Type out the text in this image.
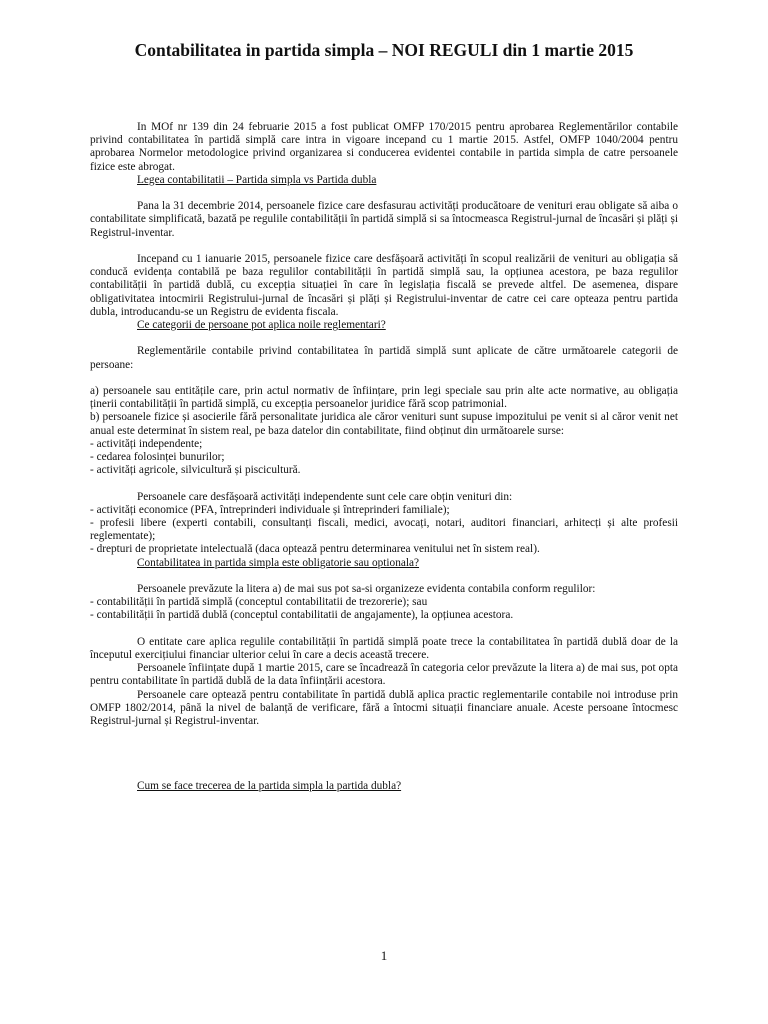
Contabilitatea in partida simpla – NOI REGULI din 1 martie 2015

In MOf nr 139 din 24 februarie 2015 a fost publicat OMFP 170/2015 pentru aprobarea Reglementărilor contabile privind contabilitatea în partidă simplă care intra in vigoare incepand cu 1 martie 2015. Astfel, OMFP 1040/2004 pentru aprobarea Normelor metodologice privind organizarea si conducerea evidentei contabile in partida simpla de catre persoanele fizice este abrogat.

Legea contabilitatii – Partida simpla vs Partida dubla

Pana la 31 decembrie 2014, persoanele fizice care desfasurau activități producătoare de venituri erau obligate să aiba o contabilitate simplificată, bazată pe regulile contabilității în partidă simplă si sa întocmeasca Registrul-jurnal de încasări și plăți și Registrul-inventar.

Incepand cu 1 ianuarie 2015, persoanele fizice care desfășoară activități în scopul realizării de venituri au obligația să conducă evidența contabilă pe baza regulilor contabilității în partidă simplă sau, la opțiunea acestora, pe baza regulilor contabilității în partidă dublă, cu excepția situației în care în legislația fiscală se prevede altfel. De asemenea, dispare obligativitatea intocmirii Registrului-jurnal de încasări și plăți și Registrului-inventar de catre cei care opteaza pentru partida dubla, introducandu-se un Registru de evidenta fiscala.

Ce categorii de persoane pot aplica noile reglementari?

Reglementările contabile privind contabilitatea în partidă simplă sunt aplicate de către următoarele categorii de persoane:

a) persoanele sau entitățile care, prin actul normativ de înființare, prin legi speciale sau prin alte acte normative, au obligația ținerii contabilității în partidă simplă, cu excepția persoanelor juridice fără scop patrimonial.

b) persoanele fizice și asocierile fără personalitate juridica ale căror venituri sunt supuse impozitului pe venit si al căror venit net anual este determinat în sistem real, pe baza datelor din contabilitate, fiind obținut din următoarele surse:

- activități independente;

- cedarea folosinței bunurilor;

- activități agricole, silvicultură și piscicultură.

Persoanele care desfășoară activități independente sunt cele care obțin venituri din:

- activități economice (PFA, întreprinderi individuale și întreprinderi familiale);

- profesii libere (experti contabili, consultanți fiscali, medici, avocați, notari, auditori financiari, arhitecți și alte profesii reglementate);

- drepturi de proprietate intelectuală (daca optează pentru determinarea venitului net în sistem real).

Contabilitatea in partida simpla este obligatorie sau optionala?

Persoanele prevăzute la litera a) de mai sus pot sa-si organizeze evidenta contabila conform regulilor:

- contabilității în partidă simplă (conceptul contabilitatii de trezorerie); sau

- contabilității în partidă dublă (conceptul contabilitatii de angajamente), la opțiunea acestora.

O entitate care aplica regulile contabilității în partidă simplă poate trece la contabilitatea în partidă dublă doar de la începutul exercițiului financiar ulterior celui în care a decis această trecere.

Persoanele înființate după 1 martie 2015, care se încadrează în categoria celor prevăzute la litera a) de mai sus, pot opta pentru contabilitate în partidă dublă de la data înființării acestora.

Persoanele care optează pentru contabilitate în partidă dublă aplica practic reglementarile contabile noi introduse prin OMFP 1802/2014, până la nivel de balanță de verificare, fără a întocmi situații financiare anuale. Aceste persoane întocmesc Registrul-jurnal și Registrul-inventar.

Cum se face trecerea de la partida simpla la partida dubla?

1
